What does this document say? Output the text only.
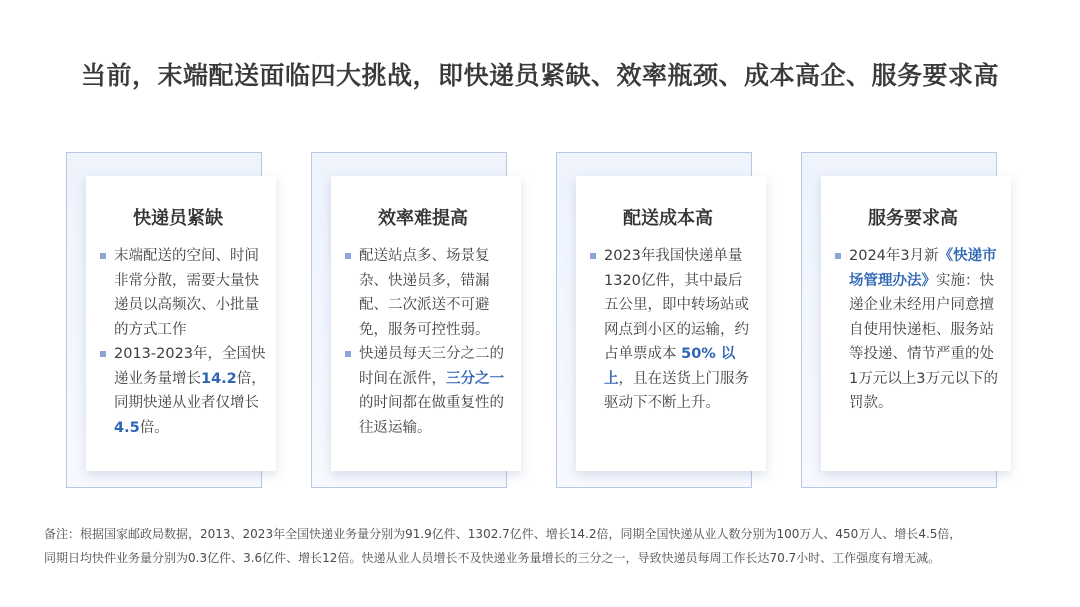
当前，末端配送面临四大挑战，即快递员紧缺、效率瓶颈、成本高企、服务要求高
快递员紧缺
末端配送的空间、时间非常分散，需要大量快递员以高频次、小批量的方式工作
2013-2023年，全国快递业务量增长14.2倍，同期快递从业者仅增长4.5倍。
效率难提高
配送站点多、场景复杂、快递员多，错漏配、二次派送不可避免，服务可控性弱。
快递员每天三分之二的时间在派件，三分之一的时间都在做重复性的往返运输。
配送成本高
2023年我国快递单量1320亿件，其中最后五公里，即中转场站或网点到小区的运输，约占单票成本 50% 以上，且在送货上门服务驱动下不断上升。
服务要求高
2024年3月新《快递市场管理办法》实施：快递企业未经用户同意擅自使用快递柜、服务站等投递、情节严重的处1万元以上3万元以下的罚款。
备注：根据国家邮政局数据，2013、2023年全国快递业务量分别为91.9亿件、1302.7亿件、增长14.2倍，同期全国快递从业人数分别为100万人、450万人、增长4.5倍，
同期日均快件业务量分别为0.3亿件、3.6亿件、增长12倍。快递从业人员增长不及快递业务量增长的三分之一，导致快递员每周工作长达70.7小时、工作强度有增无减。
